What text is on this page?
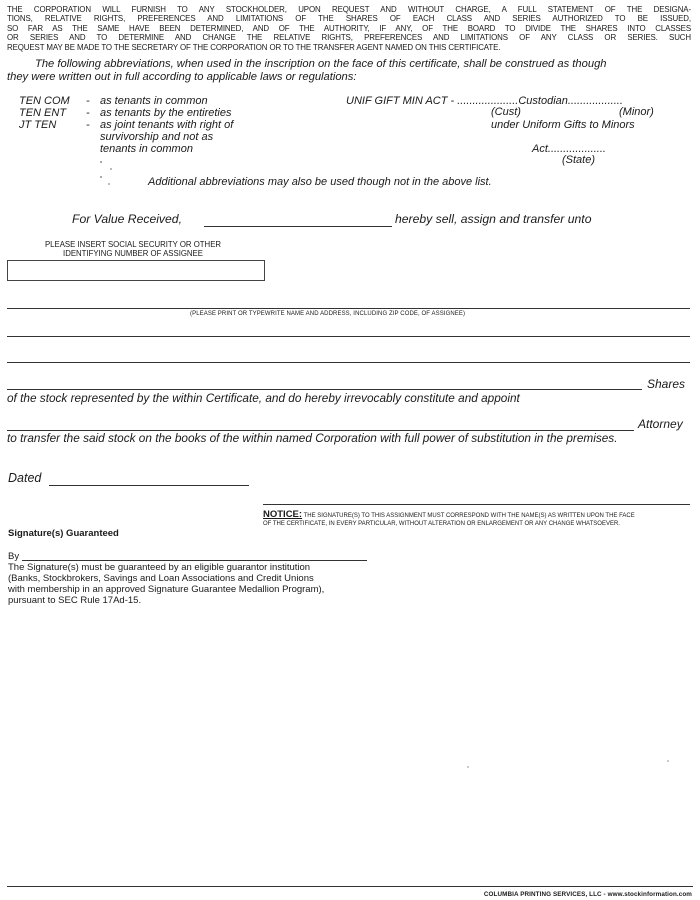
THE CORPORATION WILL FURNISH TO ANY STOCKHOLDER, UPON REQUEST AND WITHOUT CHARGE, A FULL STATEMENT OF THE DESIGNA-
TIONS, RELATIVE RIGHTS, PREFERENCES AND LIMITATIONS OF THE SHARES OF EACH CLASS AND SERIES AUTHORIZED TO BE ISSUED,
SO FAR AS THE SAME HAVE BEEN DETERMINED, AND OF THE AUTHORITY, IF ANY, OF THE BOARD TO DIVIDE THE SHARES INTO CLASSES
OR SERIES AND TO DETERMINE AND CHANGE THE RELATIVE RIGHTS, PREFERENCES AND LIMITATIONS OF ANY CLASS OR SERIES. SUCH
REQUEST MAY BE MADE TO THE SECRETARY OF THE CORPORATION OR TO THE TRANSFER AGENT NAMED ON THIS CERTIFICATE.
The following abbreviations, when used in the inscription on the face of this certificate, shall be construed as though
they were written out in full according to applicable laws or regulations:
TEN COM - as tenants in common
TEN ENT - as tenants by the entireties
JT TEN	- as joint tenants with right of
survivorship and not as
tenants in common
UNIF GIFT MIN ACT - ....................Custodian..................
(Cust)	(Minor)
under Uniform Gifts to Minors
Act...................
(State)
Additional abbreviations may also be used though not in the above list.
For Value Received,	hereby sell, assign and transfer unto
PLEASE INSERT SOCIAL SECURITY OR OTHER
IDENTIFYING NUMBER OF ASSIGNEE
(PLEASE PRINT OR TYPEWRITE NAME AND ADDRESS, INCLUDING ZIP CODE, OF ASSIGNEE)
Shares
of the stock represented by the within Certificate, and do hereby irrevocably constitute and appoint
Attorney
to transfer the said stock on the books of the within named Corporation with full power of substitution in the premises.
Dated
NOTICE: THE SIGNATURE(S) TO THIS ASSIGNMENT MUST CORRESPOND WITH THE NAME(S) AS WRITTEN UPON THE FACE
OF THE CERTIFICATE, IN EVERY PARTICULAR, WITHOUT ALTERATION OR ENLARGEMENT OR ANY CHANGE WHATSOEVER.
Signature(s) Guaranteed
By
The Signature(s) must be guaranteed by an eligible guarantor institution
(Banks, Stockbrokers, Savings and Loan Associations and Credit Unions
with membership in an approved Signature Guarantee Medallion Program),
pursuant to SEC Rule 17Ad-15.
COLUMBIA PRINTING SERVICES, LLC - www.stockinformation.com
